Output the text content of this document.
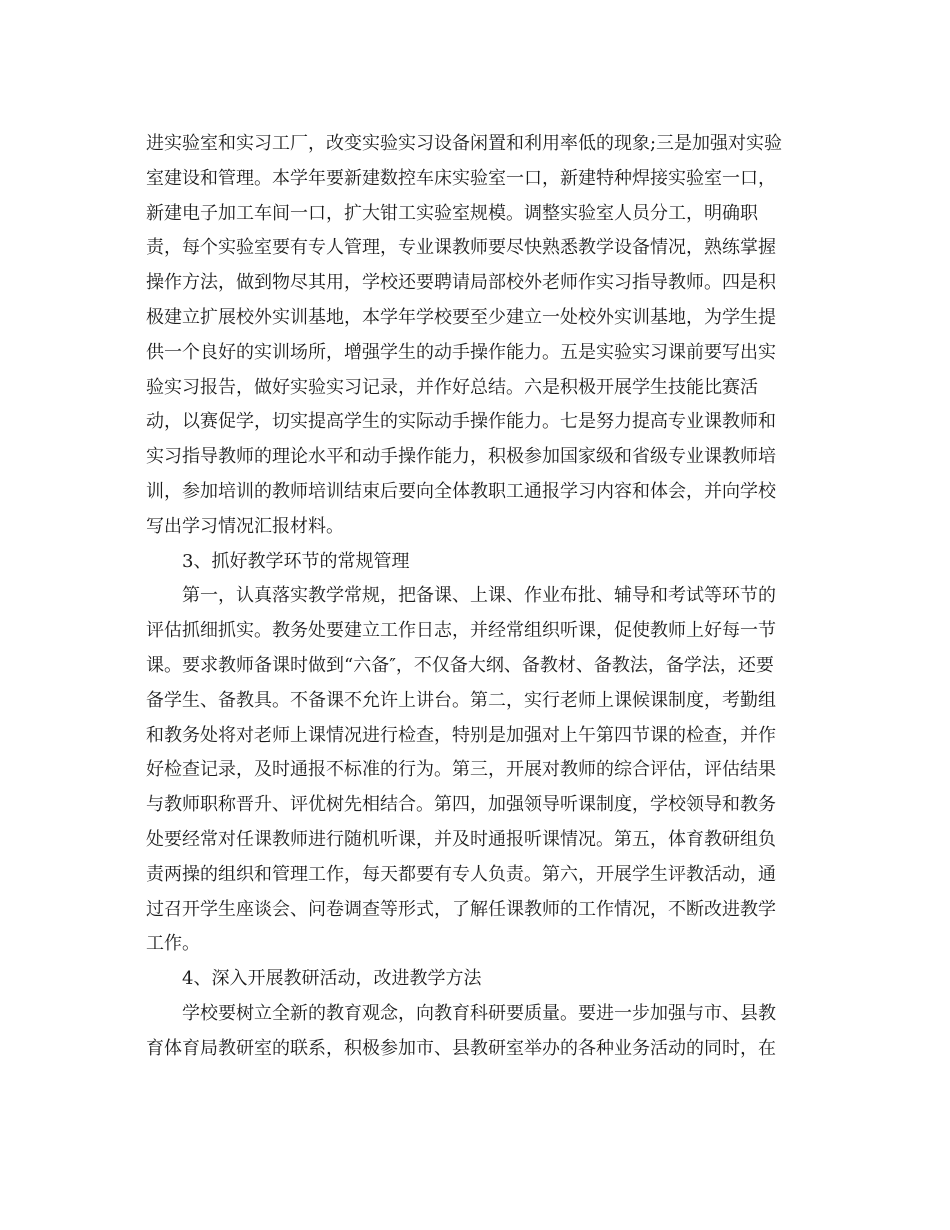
进实验室和实习工厂，改变实验实习设备闲置和利用率低的现象;三是加强对实验
室建设和管理。本学年要新建数控车床实验室一口，新建特种焊接实验室一口，
新建电子加工车间一口，扩大钳工实验室规模。调整实验室人员分工，明确职
责，每个实验室要有专人管理，专业课教师要尽快熟悉教学设备情况，熟练掌握
操作方法，做到物尽其用，学校还要聘请局部校外老师作实习指导教师。四是积
极建立扩展校外实训基地，本学年学校要至少建立一处校外实训基地，为学生提
供一个良好的实训场所，增强学生的动手操作能力。五是实验实习课前要写出实
验实习报告，做好实验实习记录，并作好总结。六是积极开展学生技能比赛活
动，以赛促学，切实提高学生的实际动手操作能力。七是努力提高专业课教师和
实习指导教师的理论水平和动手操作能力，积极参加国家级和省级专业课教师培
训，参加培训的教师培训结束后要向全体教职工通报学习内容和体会，并向学校
写出学习情况汇报材料。
3、抓好教学环节的常规管理
第一，认真落实教学常规，把备课、上课、作业布批、辅导和考试等环节的
评估抓细抓实。教务处要建立工作日志，并经常组织听课，促使教师上好每一节
课。要求教师备课时做到“六备″，不仅备大纲、备教材、备教法，备学法，还要
备学生、备教具。不备课不允许上讲台。第二，实行老师上课候课制度，考勤组
和教务处将对老师上课情况进行检查，特别是加强对上午第四节课的检查，并作
好检查记录，及时通报不标准的行为。第三，开展对教师的综合评估，评估结果
与教师职称晋升、评优树先相结合。第四，加强领导听课制度，学校领导和教务
处要经常对任课教师进行随机听课，并及时通报听课情况。第五，体育教研组负
责两操的组织和管理工作，每天都要有专人负责。第六，开展学生评教活动，通
过召开学生座谈会、问卷调查等形式，了解任课教师的工作情况，不断改进教学
工作。
4、深入开展教研活动，改进教学方法
学校要树立全新的教育观念，向教育科研要质量。要进一步加强与市、县教
育体育局教研室的联系，积极参加市、县教研室举办的各种业务活动的同时，在
